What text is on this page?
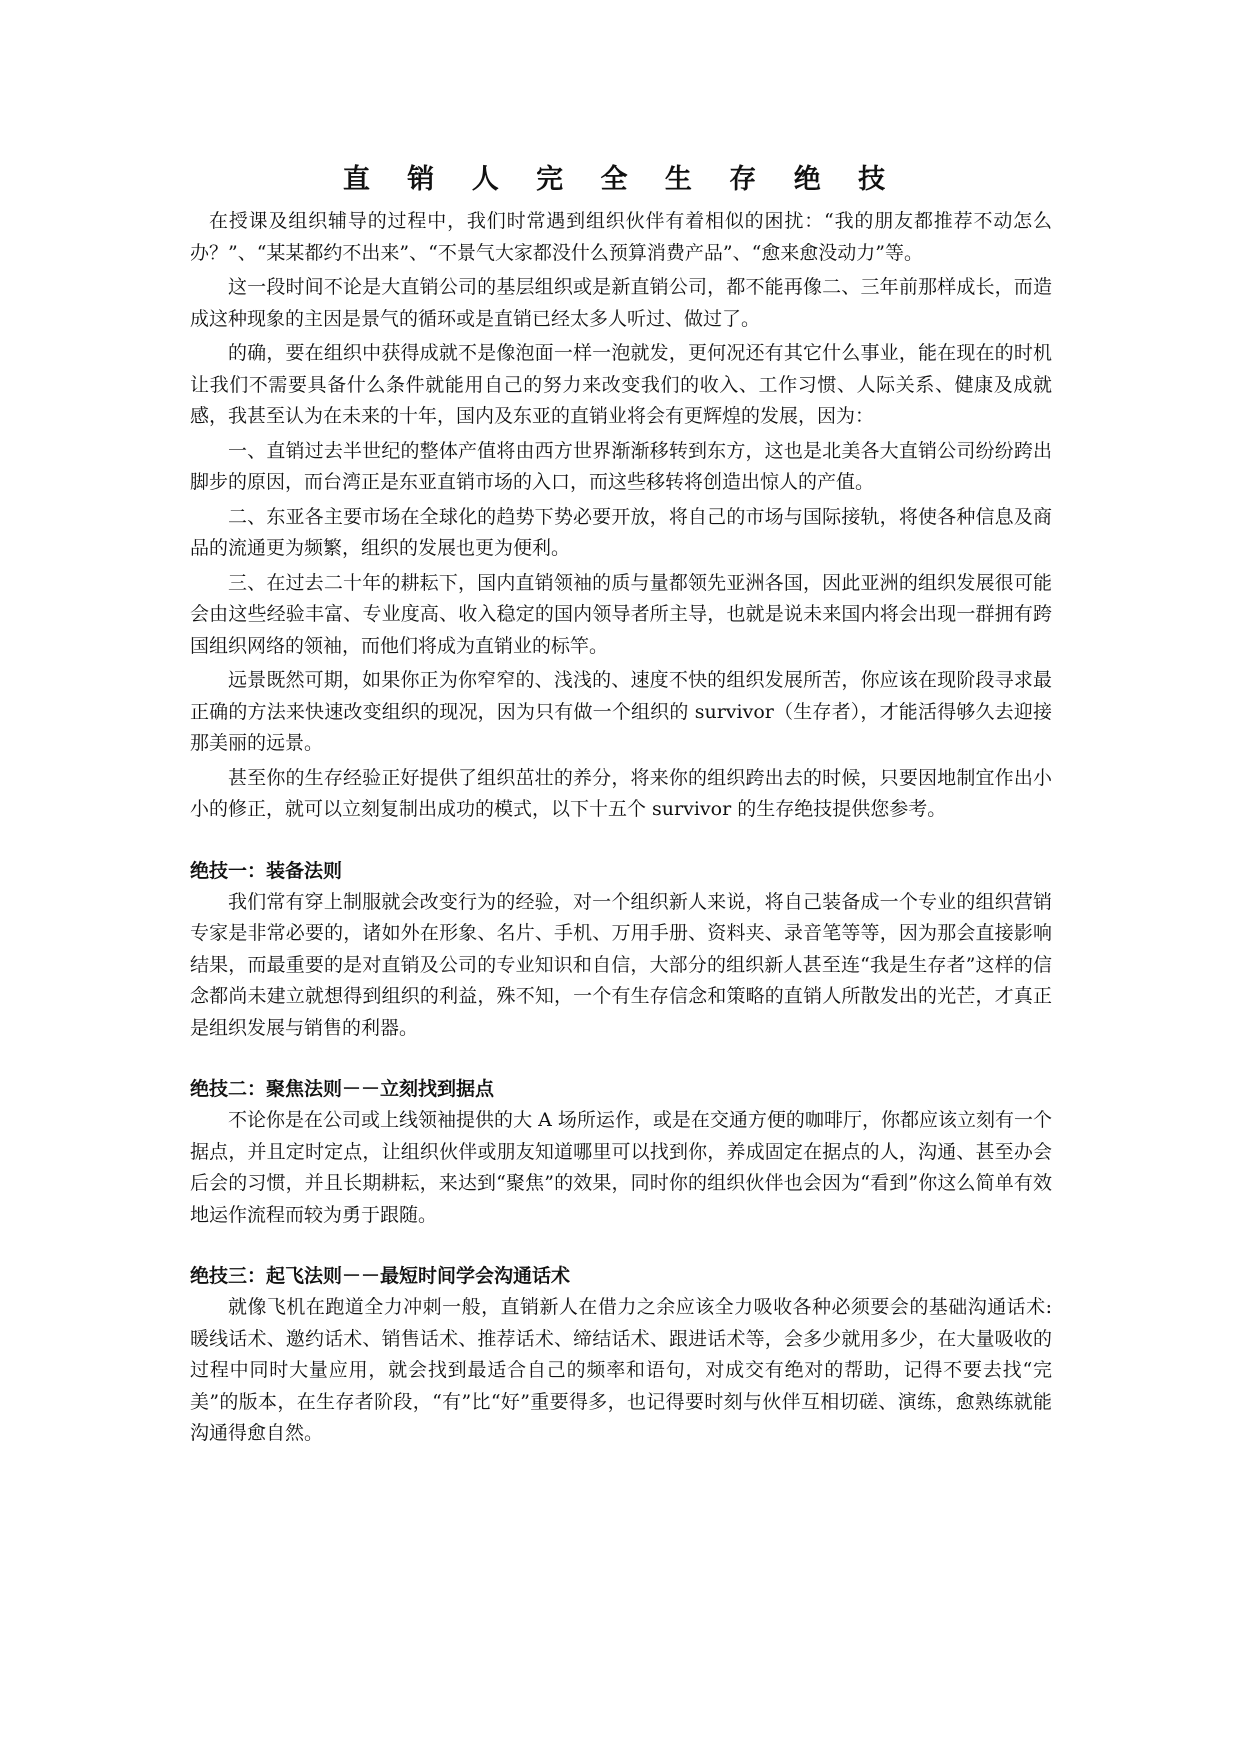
直 销 人 完 全 生 存 绝 技

在授课及组织辅导的过程中，我们时常遇到组织伙伴有着相似的困扰：“我的朋友都推荐不动怎么办？”、“某某都约不出来”、“不景气大家都没什么预算消费产品”、“愈来愈没动力”等。

这一段时间不论是大直销公司的基层组织或是新直销公司，都不能再像二、三年前那样成长，而造成这种现象的主因是景气的循环或是直销已经太多人听过、做过了。

的确，要在组织中获得成就不是像泡面一样一泡就发，更何况还有其它什么事业，能在现在的时机让我们不需要具备什么条件就能用自己的努力来改变我们的收入、工作习惯、人际关系、健康及成就感，我甚至认为在未来的十年，国内及东亚的直销业将会有更辉煌的发展，因为：

一、直销过去半世纪的整体产值将由西方世界渐渐移转到东方，这也是北美各大直销公司纷纷跨出脚步的原因，而台湾正是东亚直销市场的入口，而这些移转将创造出惊人的产值。

二、东亚各主要市场在全球化的趋势下势必要开放，将自己的市场与国际接轨，将使各种信息及商品的流通更为频繁，组织的发展也更为便利。

三、在过去二十年的耕耘下，国内直销领袖的质与量都领先亚洲各国，因此亚洲的组织发展很可能会由这些经验丰富、专业度高、收入稳定的国内领导者所主导，也就是说未来国内将会出现一群拥有跨国组织网络的领袖，而他们将成为直销业的标竿。

远景既然可期，如果你正为你窄窄的、浅浅的、速度不快的组织发展所苦，你应该在现阶段寻求最正确的方法来快速改变组织的现况，因为只有做一个组织的 survivor（生存者），才能活得够久去迎接那美丽的远景。

甚至你的生存经验正好提供了组织茁壮的养分，将来你的组织跨出去的时候，只要因地制宜作出小小的修正，就可以立刻复制出成功的模式，以下十五个 survivor 的生存绝技提供您参考。

绝技一：装备法则

我们常有穿上制服就会改变行为的经验，对一个组织新人来说，将自己装备成一个专业的组织营销专家是非常必要的，诸如外在形象、名片、手机、万用手册、资料夹、录音笔等等，因为那会直接影响结果，而最重要的是对直销及公司的专业知识和自信，大部分的组织新人甚至连“我是生存者”这样的信念都尚未建立就想得到组织的利益，殊不知，一个有生存信念和策略的直销人所散发出的光芒，才真正是组织发展与销售的利器。

绝技二：聚焦法则－－立刻找到据点

不论你是在公司或上线领袖提供的大 A 场所运作，或是在交通方便的咖啡厅，你都应该立刻有一个据点，并且定时定点，让组织伙伴或朋友知道哪里可以找到你，养成固定在据点的人，沟通、甚至办会后会的习惯，并且长期耕耘，来达到“聚焦”的效果，同时你的组织伙伴也会因为“看到”你这么简单有效地运作流程而较为勇于跟随。

绝技三：起飞法则－－最短时间学会沟通话术

就像飞机在跑道全力冲刺一般，直销新人在借力之余应该全力吸收各种必须要会的基础沟通话术: 暖线话术、邀约话术、销售话术、推荐话术、缔结话术、跟进话术等，会多少就用多少，在大量吸收的过程中同时大量应用，就会找到最适合自己的频率和语句，对成交有绝对的帮助，记得不要去找“完美”的版本，在生存者阶段，“有”比“好”重要得多，也记得要时刻与伙伴互相切磋、演练，愈熟练就能沟通得愈自然。
